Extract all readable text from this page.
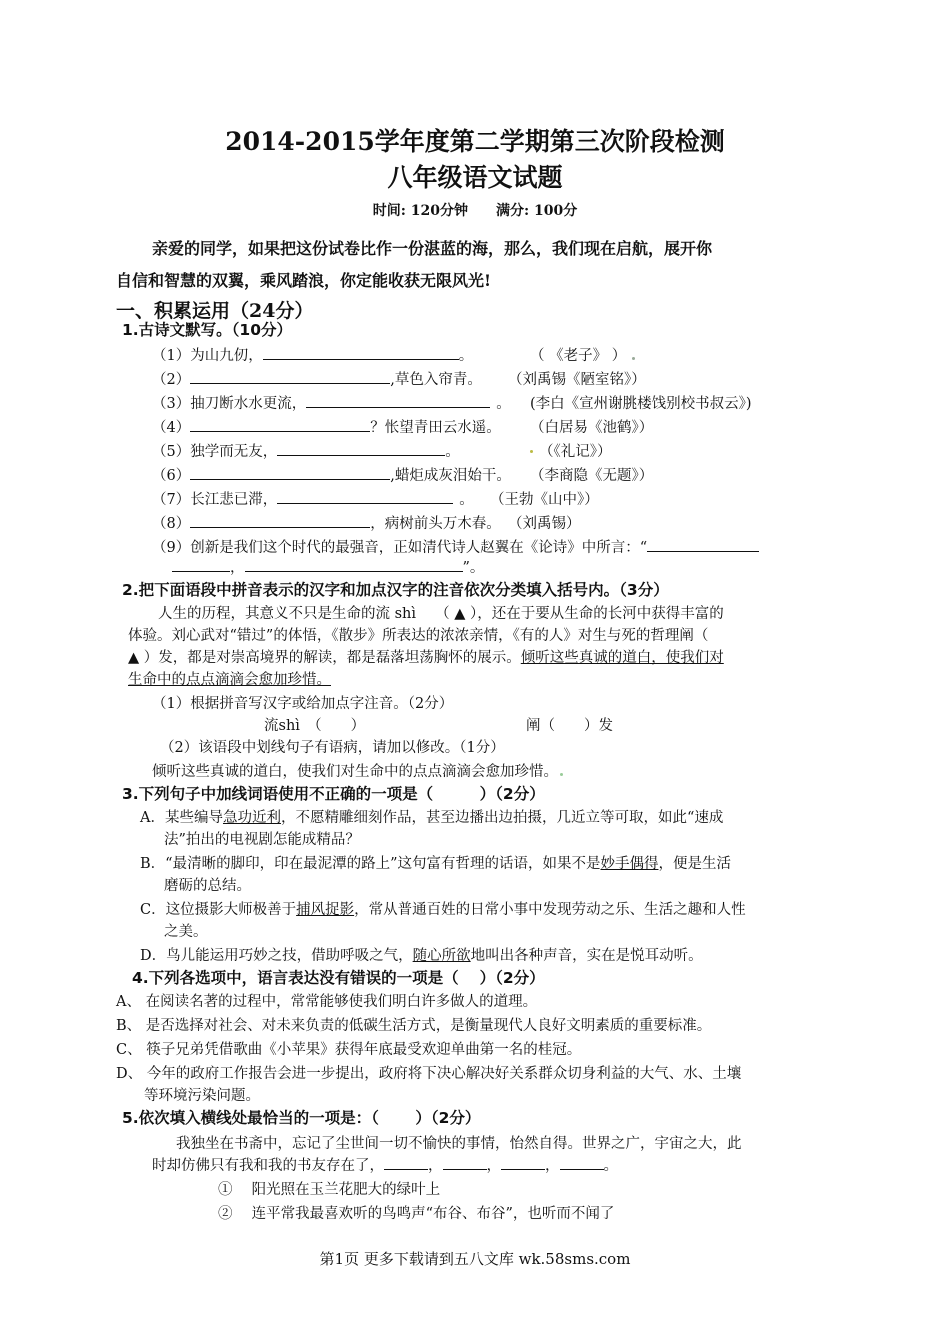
2014-2015学年度第二学期第三次阶段检测
八年级语文试题
时间: 120分钟　　满分: 100分
亲爱的同学，如果把这份试卷比作一份湛蓝的海，那么，我们现在启航，展开你
自信和智慧的双翼，乘风踏浪，你定能收获无限风光!
一、积累运用（24分）
1.古诗文默写。（10分）
（1）为山九仞，	。	（ 《老子》 ）
（2）	,草色入帘青。 （刘禹锡《陋室铭》）
（3）抽刀断水水更流，	。 (李白《宣州谢朓楼饯别校书叔云》)
（4）	？怅望青田云水遥。 （白居易《池鹤》）
（5）独学而无友，	。	（《礼记》）
（6）	,蜡炬成灰泪始干。 （李商隐《无题》）
（7）长江悲已滞，	。 （王勃《山中》）
（8）	，病树前头万木春。 （刘禹锡）
（9）创新是我们这个时代的最强音，正如清代诗人赵翼在《论诗》中所言：“
，	”。
2.把下面语段中拼音表示的汉字和加点汉字的注音依次分类填入括号内。（3分）
人生的历程，其意义不只是生命的流 shì　 （ ▲ ），还在于要从生命的长河中获得丰富的
体验。刘心武对“错过”的体悟，《散步》所表达的浓浓亲情，《有的人》对生与死的哲理阐（
▲ ）发，都是对崇高境界的解读，都是磊落坦荡胸怀的展示。倾听这些真诚的道白，使我们对
生命中的点点滴滴会愈加珍惜。
（1）根据拼音写汉字或给加点字注音。（2分）
流shì　（　　）	阐（　　）发
（2）该语段中划线句子有语病，请加以修改。（1分）
倾听这些真诚的道白，使我们对生命中的点点滴滴会愈加珍惜。
3.下列句子中加线词语使用不正确的一项是（　　　）（2分）
A．某些编导急功近利，不愿精雕细刻作品，甚至边播出边拍摄，几近立等可取，如此“速成
法”拍出的电视剧怎能成精品？
B．“最清晰的脚印，印在最泥潭的路上”这句富有哲理的话语，如果不是妙手偶得，便是生活
磨砺的总结。
C．这位摄影大师极善于捕风捉影，常从普通百姓的日常小事中发现劳动之乐、生活之趣和人性
之美。
D．鸟儿能运用巧妙之技，借助呼吸之气，随心所欲地叫出各种声音，实在是悦耳动听。
4.下列各选项中，语言表达没有错误的一项是（　 ）（2分）
A、 在阅读名著的过程中，常常能够使我们明白许多做人的道理。
B、 是否选择对社会、对未来负责的低碳生活方式，是衡量现代人良好文明素质的重要标准。
C、 筷子兄弟凭借歌曲《小苹果》获得年底最受欢迎单曲第一名的桂冠。
D、 今年的政府工作报告会进一步提出，政府将下决心解决好关系群众切身利益的大气、水、土壤
等环境污染问题。
5.依次填入横线处最恰当的一项是：（　　 ）（2分）
我独坐在书斋中，忘记了尘世间一切不愉快的事情，怡然自得。世界之广，宇宙之大，此
时却仿佛只有我和我的书友存在了，	，	，	，	。
①　 阳光照在玉兰花肥大的绿叶上
②　 连平常我最喜欢听的鸟鸣声“布谷、布谷”，也听而不闻了
第1页 更多下载请到五八文库 wk.58sms.com
